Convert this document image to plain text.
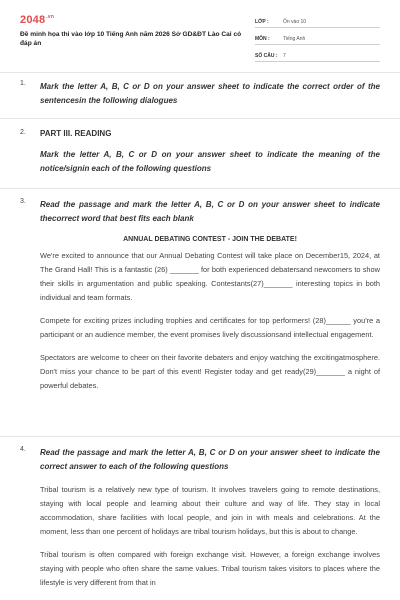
$2048^{.vn}$
Đề minh họa thi vào lớp 10 Tiếng Anh năm 2026 Sở GD&ĐT Lào Cai có đáp án
LỚP :	Ôn vào 10
MÔN :	Tiếng Anh
SỐ CÂU :	7
1. Mark the letter A, B, C or D on your answer sheet to indicate the correct order of the sentencesin the following dialogues
2. PART III. READING
Mark the letter A, B, C or D on your answer sheet to indicate the meaning of the notice/signin each of the following questions
3. Read the passage and mark the letter A, B, C or D on your answer sheet to indicate thecorrect word that best fits each blank
ANNUAL DEBATING CONTEST - JOIN THE DEBATE!

We're excited to announce that our Annual Debating Contest will take place on December15, 2024, at The Grand Hall! This is a fantastic (26) _______ for both experienced debatersand newcomers to show their skills in argumentation and public speaking. Contestants(27)_______ interesting topics in both individual and team formats.

Compete for exciting prizes including trophies and certificates for top performers! (28)______ you're a participant or an audience member, the event promises lively discussionsand intellectual engagement.

Spectators are welcome to cheer on their favorite debaters and enjoy watching the excitingatmosphere. Don't miss your chance to be part of this event! Register today and get ready(29)_______ a night of powerful debates.

4. Read the passage and mark the letter A, B, C or D on your answer sheet to indicate the correct answer to each of the following questions

Tribal tourism is a relatively new type of tourism. It involves travelers going to remote destinations, staying with local people and learning about their culture and way of life. They stay in local accommodation, share facilities with local people, and join in with meals and celebrations. At the moment, less than one percent of holidays are tribal tourism holidays, but this is about to change.

Tribal tourism is often compared with foreign exchange visit. However, a foreign exchange involves staying with people who often share the same values. Tribal tourism takes visitors to places where the lifestyle is very different from that in
